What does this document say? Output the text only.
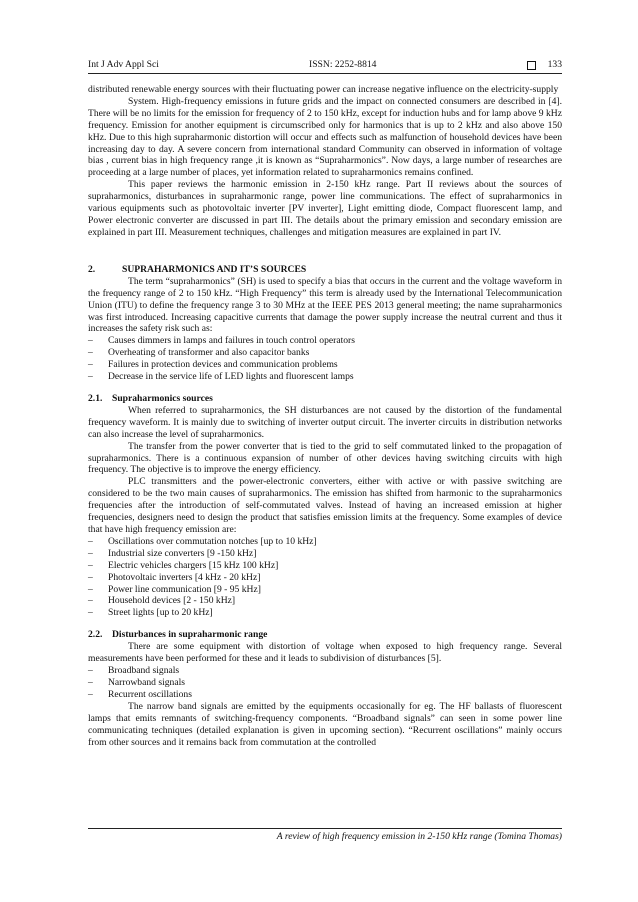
Int J Adv Appl Sci	ISSN: 2252-8814	133

distributed renewable energy sources with their fluctuating power can increase negative influence on the electricity-supply

System. High-frequency emissions in future grids and the impact on connected consumers are described in [4]. There will be no limits for the emission for frequency of 2 to 150 kHz, except for induction hubs and for lamp above 9 kHz frequency. Emission for another equipment is circumscribed only for harmonics that is up to 2 kHz and also above 150 kHz. Due to this high supraharmonic distortion will occur and effects such as malfunction of household devices have been increasing day to day. A severe concern from international standard Community can observed in information of voltage bias , current bias in high frequency range ,it is known as “Supraharmonics”. Now days, a large number of researches are proceeding at a large number of places, yet information related to supraharmonics remains confined.

This paper reviews the harmonic emission in 2-150 kHz range. Part II reviews about the sources of supraharmonics, disturbances in supraharmonic range, power line communications. The effect of supraharmonics in various equipments such as photovoltaic inverter [PV inverter], Light emitting diode, Compact fluorescent lamp, and Power electronic converter are discussed in part III. The details about the primary emission and secondary emission are explained in part III. Measurement techniques, challenges and mitigation measures are explained in part IV.

2.	SUPRAHARMONICS AND IT’S SOURCES

The term “supraharmonics” (SH) is used to specify a bias that occurs in the current and the voltage waveform in the frequency range of 2 to 150 kHz. “High Frequency” this term is already used by the International Telecommunication Union (ITU) to define the frequency range 3 to 30 MHz at the IEEE PES 2013 general meeting; the name supraharmonics was first introduced. Increasing capacitive currents that damage the power supply increase the neutral current and thus it increases the safety risk such as:

– Causes dimmers in lamps and failures in touch control operators
– Overheating of transformer and also capacitor banks
– Failures in protection devices and communication problems
– Decrease in the service life of LED lights and fluorescent lamps
2.1. Supraharmonics sources

When referred to supraharmonics, the SH disturbances are not caused by the distortion of the fundamental frequency waveform. It is mainly due to switching of inverter output circuit. The inverter circuits in distribution networks can also increase the level of supraharmonics.

The transfer from the power converter that is tied to the grid to self commutated linked to the propagation of supraharmonics. There is a continuous expansion of number of other devices having switching circuits with high frequency. The objective is to improve the energy efficiency.

PLC transmitters and the power-electronic converters, either with active or with passive switching are considered to be the two main causes of supraharmonics. The emission has shifted from harmonic to the supraharmonics frequencies after the introduction of self-commutated valves. Instead of having an increased emission at higher frequencies, designers need to design the product that satisfies emission limits at the frequency. Some examples of device that have high frequency emission are:

– Oscillations over commutation notches [up to 10 kHz]
– Industrial size converters [9 -150 kHz]
– Electric vehicles chargers [15 kHz 100 kHz]
– Photovoltaic inverters [4 kHz - 20 kHz]
– Power line communication [9 - 95 kHz]
– Household devices [2 - 150 kHz]
– Street lights [up to 20 kHz]
2.2. Disturbances in supraharmonic range

There are some equipment with distortion of voltage when exposed to high frequency range. Several measurements have been performed for these and it leads to subdivision of disturbances [5].

– Broadband signals
– Narrowband signals
– Recurrent oscillations

The narrow band signals are emitted by the equipments occasionally for eg. The HF ballasts of fluorescent lamps that emits remnants of switching-frequency components. “Broadband signals” can seen in some power line communicating techniques (detailed explanation is given in upcoming section). “Recurrent oscillations” mainly occurs from other sources and it remains back from commutation at the controlled

A review of high frequency emission in 2-150 kHz range (Tomina Thomas)
